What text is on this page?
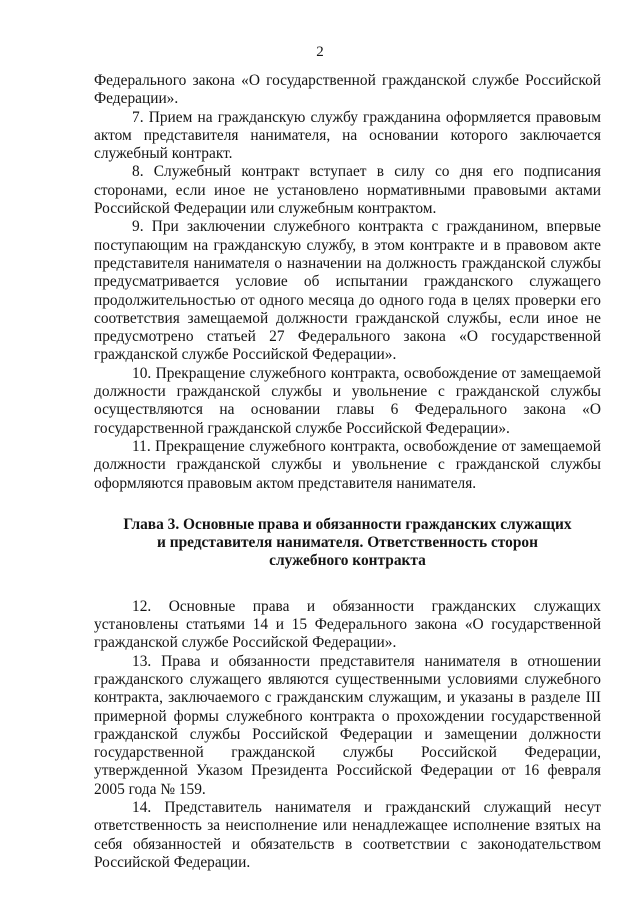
2

Федерального закона «О государственной гражданской службе Российской Федерации».

7. Прием на гражданскую службу гражданина оформляется правовым актом представителя нанимателя, на основании которого заключается служебный контракт.

8. Служебный контракт вступает в силу со дня его подписания сторонами, если иное не установлено нормативными правовыми актами Российской Федерации или служебным контрактом.

9. При заключении служебного контракта с гражданином, впервые поступающим на гражданскую службу, в этом контракте и в правовом акте представителя нанимателя о назначении на должность гражданской службы предусматривается условие об испытании гражданского служащего продолжительностью от одного месяца до одного года в целях проверки его соответствия замещаемой должности гражданской службы, если иное не предусмотрено статьей 27 Федерального закона «О государственной гражданской службе Российской Федерации».

10. Прекращение служебного контракта, освобождение от замещаемой должности гражданской службы и увольнение с гражданской службы осуществляются на основании главы 6 Федерального закона «О государственной гражданской службе Российской Федерации».

11. Прекращение служебного контракта, освобождение от замещаемой должности гражданской службы и увольнение с гражданской службы оформляются правовым актом представителя нанимателя.

Глава 3. Основные права и обязанности гражданских служащих
и представителя нанимателя. Ответственность сторон
служебного контракта

12. Основные права и обязанности гражданских служащих установлены статьями 14 и 15 Федерального закона «О государственной гражданской службе Российской Федерации».

13. Права и обязанности представителя нанимателя в отношении гражданского служащего являются существенными условиями служебного контракта, заключаемого с гражданским служащим, и указаны в разделе III примерной формы служебного контракта о прохождении государственной гражданской службы Российской Федерации и замещении должности государственной гражданской службы Российской Федерации, утвержденной Указом Президента Российской Федерации от 16 февраля 2005 года № 159.

14. Представитель нанимателя и гражданский служащий несут ответственность за неисполнение или ненадлежащее исполнение взятых на себя обязанностей и обязательств в соответствии с законодательством Российской Федерации.
